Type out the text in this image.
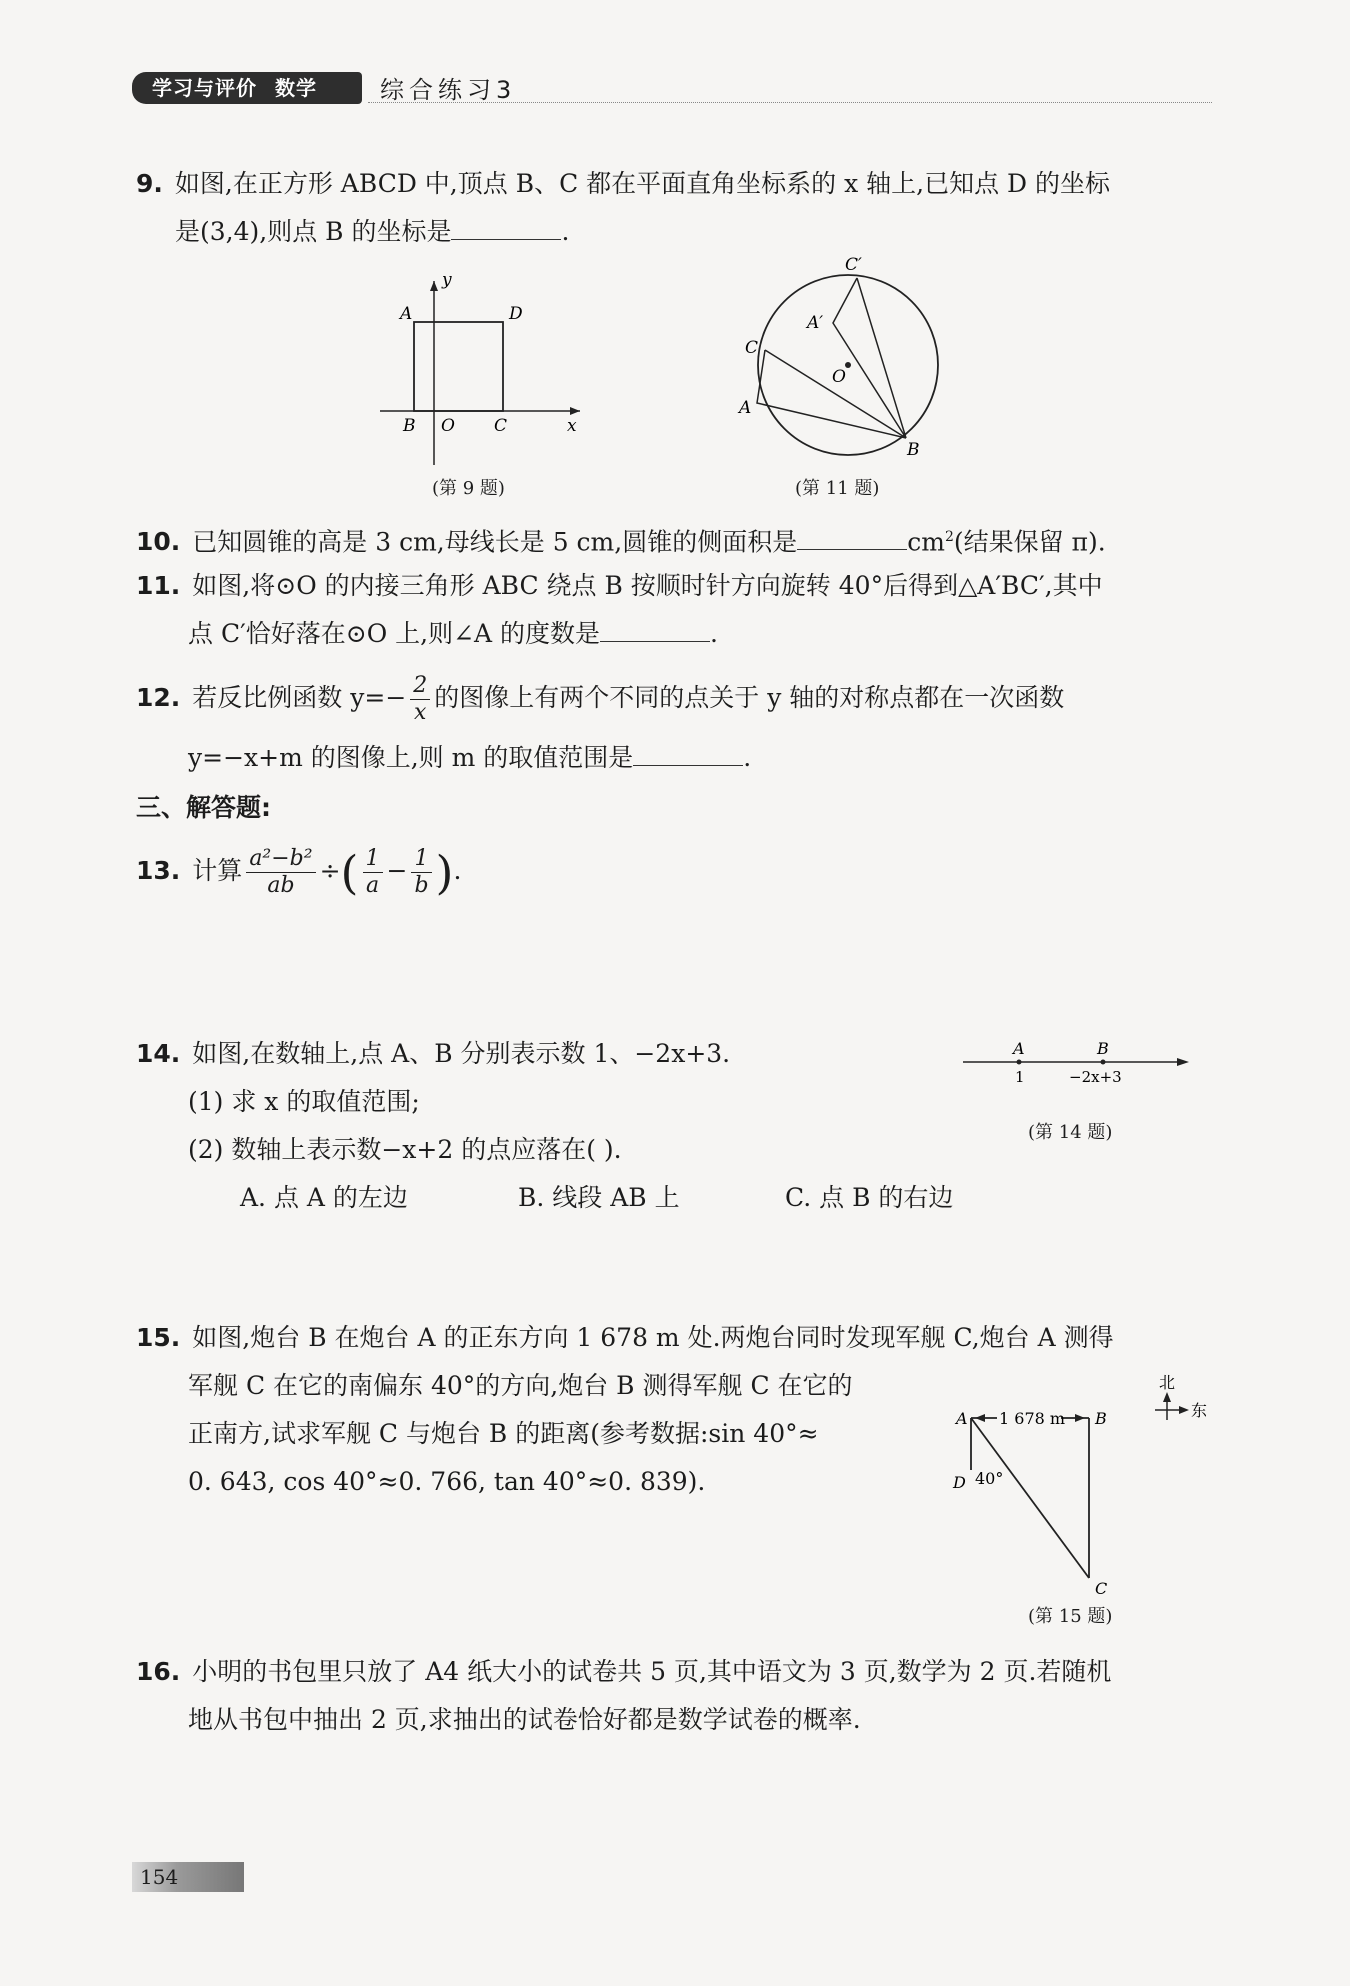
学习与评价 数学	综合练习3
9. 如图,在正方形 ABCD 中,顶点 B、C 都在平面直角坐标系的 x 轴上,已知点 D 的坐标
是(3,4),则点 B 的坐标是	.
A	D
B O C	x
y
(第 9 题)
C′
A′
C
O
A
B
(第 11 题)
10. 已知圆锥的高是 3 cm,母线长是 5 cm,圆锥的侧面积是	$cm^2$(结果保留 π).
11. 如图,将⊙O 的内接三角形 ABC 绕点 B 按顺时针方向旋转 40°后得到△A′BC′,其中
点 C′恰好落在⊙O 上,则∠A 的度数是	.
12. 若反比例函数 $y=- \frac{2}{x}$ 的图像上有两个不同的点关于 y 轴的对称点都在一次函数
y=−x+m 的图像上,则 m 的取值范围是	.
三、解答题:
13. 计算 $\frac{\text{a²−b²}}{ab}$ ÷( $\frac{1}{a} - \frac{1}{b}$ ).
14. 如图,在数轴上,点 A、B 分别表示数 1、−2x+3.
(1) 求 x 的取值范围;
(2) 数轴上表示数−x+2 的点应落在( ).
A. 点 A 的左边	B. 线段 AB 上	C. 点 B 的右边
A	B
1	−2x+3
(第 14 题)
15. 如图,炮台 B 在炮台 A 的正东方向 1 678 m 处.两炮台同时发现军舰 C,炮台 A 测得
军舰 C 在它的南偏东 40°的方向,炮台 B 测得军舰 C 在它的
正南方,试求军舰 C 与炮台 B 的距离(参考数据:sin 40°≈
0. 643, cos 40°≈0. 766, tan 40°≈0. 839).
1 678 m
A	B
D 40°
C
北
东
(第 15 题)
16. 小明的书包里只放了 A4 纸大小的试卷共 5 页,其中语文为 3 页,数学为 2 页.若随机
地从书包中抽出 2 页,求抽出的试卷恰好都是数学试卷的概率.
154
